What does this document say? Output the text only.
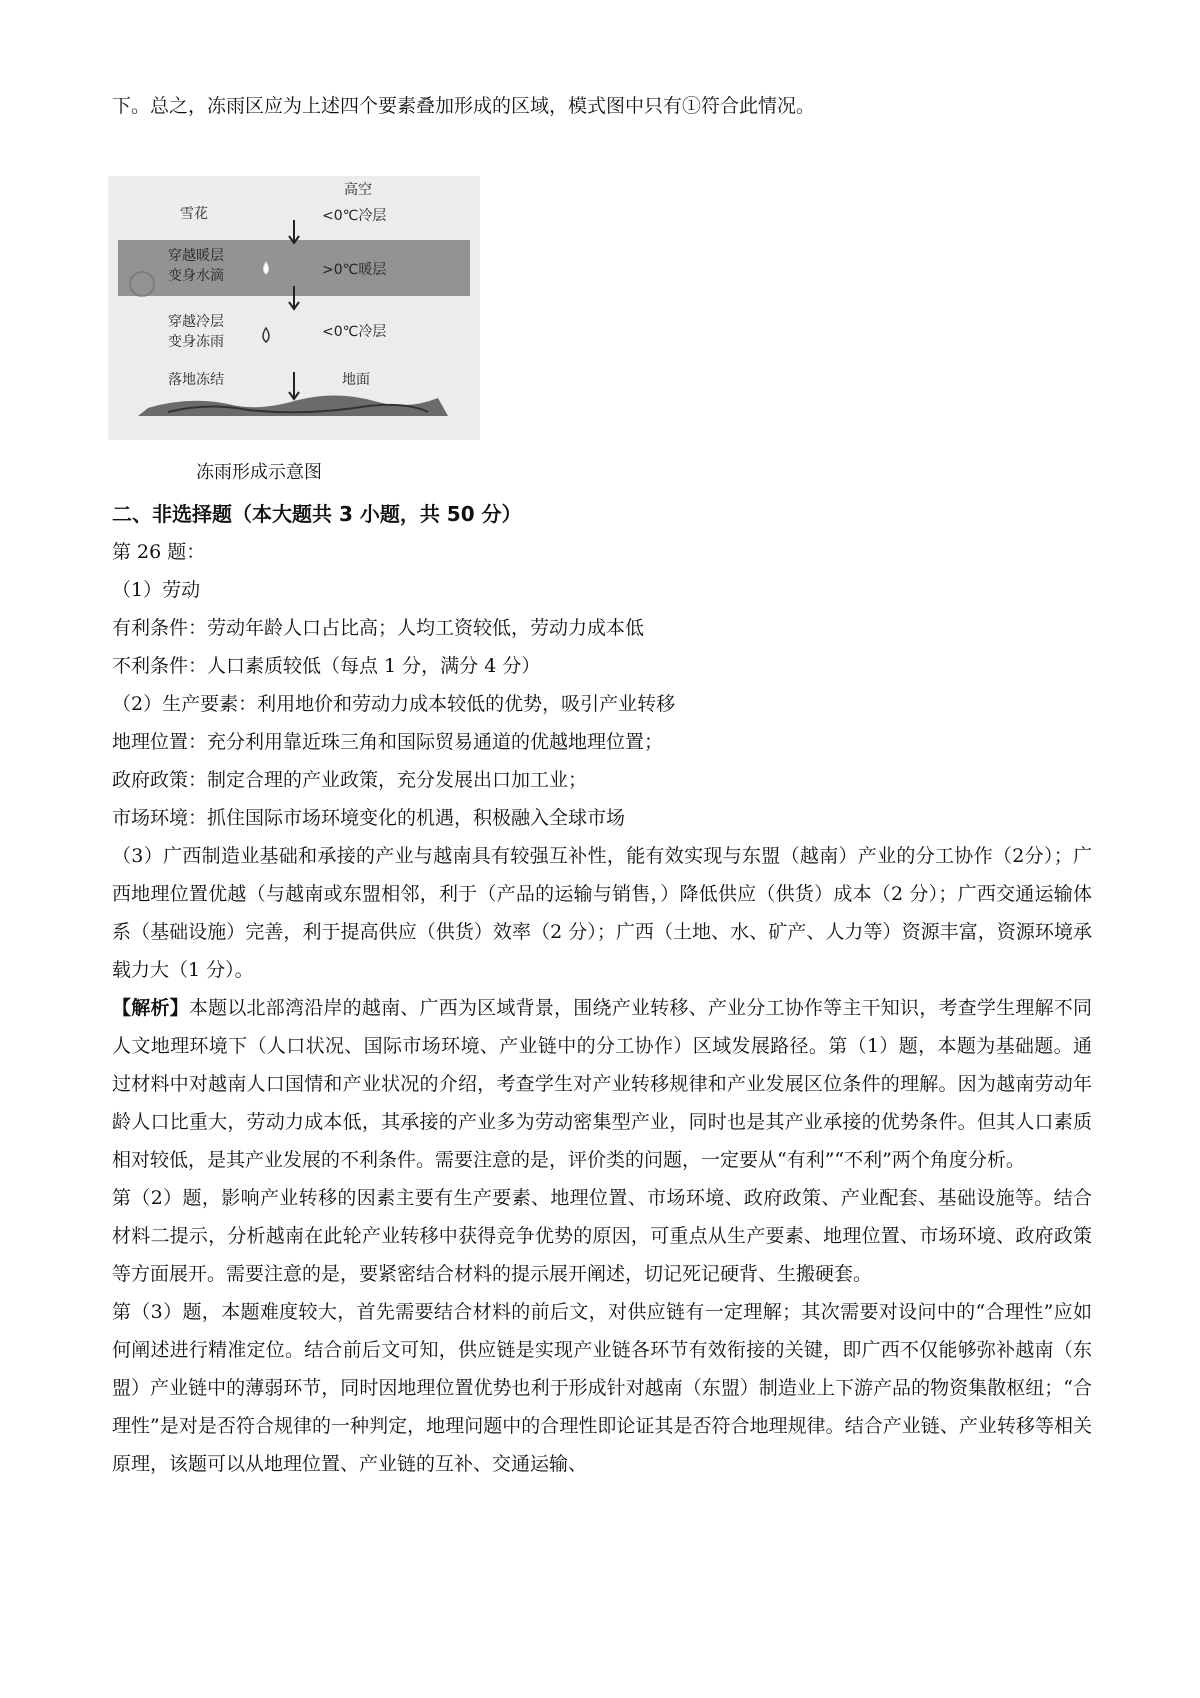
下。总之，冻雨区应为上述四个要素叠加形成的区域，模式图中只有①符合此情况。
高空
雪花	<0℃冷层
穿越暖层
变身水滴	>0℃暖层
穿越冷层
变身冻雨
<0℃冷层
落地冻结	地面
冻雨形成示意图

二、非选择题（本大题共 3 小题，共 50 分）

第 26 题：

（1）劳动

有利条件：劳动年龄人口占比高；人均工资较低，劳动力成本低

不利条件：人口素质较低（每点 1 分，满分 4 分）

（2）生产要素：利用地价和劳动力成本较低的优势，吸引产业转移

地理位置：充分利用靠近珠三角和国际贸易通道的优越地理位置；

政府政策：制定合理的产业政策，充分发展出口加工业；

市场环境：抓住国际市场环境变化的机遇，积极融入全球市场

（3）广西制造业基础和承接的产业与越南具有较强互补性，能有效实现与东盟（越南）产业的分工协作（2分）；广西地理位置优越（与越南或东盟相邻，利于（产品的运输与销售，）降低供应（供货）成本（2 分）；广西交通运输体系（基础设施）完善，利于提高供应（供货）效率（2 分）；广西（土地、水、矿产、人力等）资源丰富，资源环境承载力大（1 分）。

【解析】本题以北部湾沿岸的越南、广西为区域背景，围绕产业转移、产业分工协作等主干知识，考查学生理解不同人文地理环境下（人口状况、国际市场环境、产业链中的分工协作）区域发展路径。第（1）题，本题为基础题。通过材料中对越南人口国情和产业状况的介绍，考查学生对产业转移规律和产业发展区位条件的理解。因为越南劳动年龄人口比重大，劳动力成本低，其承接的产业多为劳动密集型产业，同时也是其产业承接的优势条件。但其人口素质相对较低，是其产业发展的不利条件。需要注意的是，评价类的问题，一定要从“有利”“不利”两个角度分析。

第（2）题，影响产业转移的因素主要有生产要素、地理位置、市场环境、政府政策、产业配套、基础设施等。结合材料二提示，分析越南在此轮产业转移中获得竞争优势的原因，可重点从生产要素、地理位置、市场环境、政府政策等方面展开。需要注意的是，要紧密结合材料的提示展开阐述，切记死记硬背、生搬硬套。

第（3）题，本题难度较大，首先需要结合材料的前后文，对供应链有一定理解；其次需要对设问中的“合理性”应如何阐述进行精准定位。结合前后文可知，供应链是实现产业链各环节有效衔接的关键，即广西不仅能够弥补越南（东盟）产业链中的薄弱环节，同时因地理位置优势也利于形成针对越南（东盟）制造业上下游产品的物资集散枢纽；“合理性”是对是否符合规律的一种判定，地理问题中的合理性即论证其是否符合地理规律。结合产业链、产业转移等相关原理，该题可以从地理位置、产业链的互补、交通运输、
